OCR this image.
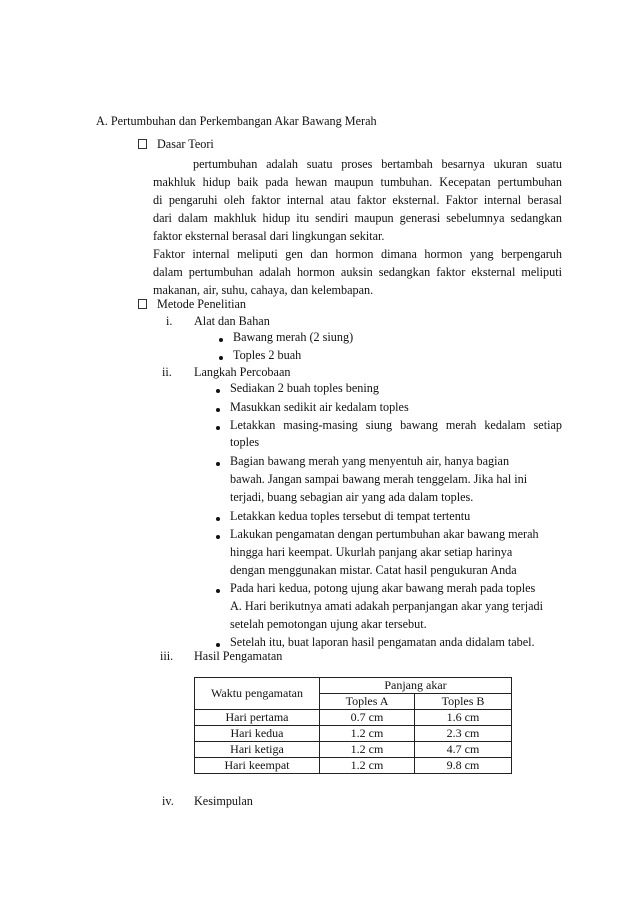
A. Pertumbuhan dan Perkembangan Akar Bawang Merah
Dasar Teori
pertumbuhan adalah suatu proses bertambah besarnya ukuran suatu
makhluk hidup baik pada hewan maupun tumbuhan. Kecepatan pertumbuhan
di pengaruhi oleh faktor internal atau faktor eksternal. Faktor internal berasal
dari dalam makhluk hidup itu sendiri maupun generasi sebelumnya sedangkan
faktor eksternal berasal dari lingkungan sekitar.
Faktor internal meliputi gen dan hormon dimana hormon yang berpengaruh
dalam pertumbuhan adalah hormon auksin sedangkan faktor eksternal meliputi
makanan, air, suhu, cahaya, dan kelembapan.
Metode Penelitian
i. Alat dan Bahan
Bawang merah (2 siung)
Toples 2 buah
ii. Langkah Percobaan
Sediakan 2 buah toples bening
Masukkan sedikit air kedalam toples
Letakkan masing-masing siung bawang merah kedalam setiap
toples
Bagian bawang merah yang menyentuh air, hanya bagian
bawah. Jangan sampai bawang merah tenggelam. Jika hal ini
terjadi, buang sebagian air yang ada dalam toples.
Letakkan kedua toples tersebut di tempat tertentu
Lakukan pengamatan dengan pertumbuhan akar bawang merah
hingga hari keempat. Ukurlah panjang akar setiap harinya
dengan menggunakan mistar. Catat hasil pengukuran Anda
Pada hari kedua, potong ujung akar bawang merah pada toples
A. Hari berikutnya amati adakah perpanjangan akar yang terjadi
setelah pemotongan ujung akar tersebut.
Setelah itu, buat laporan hasil pengamatan anda didalam tabel.
iii. Hasil Pengamatan
Waktu pengamatan	Panjang akar	
	Toples A	Toples B
Hari pertama	0.7 cm	1.6 cm
Hari kedua	1.2 cm	2.3 cm
Hari ketiga	1.2 cm	4.7 cm
Hari keempat	1.2 cm	9.8 cm
iv. Kesimpulan
